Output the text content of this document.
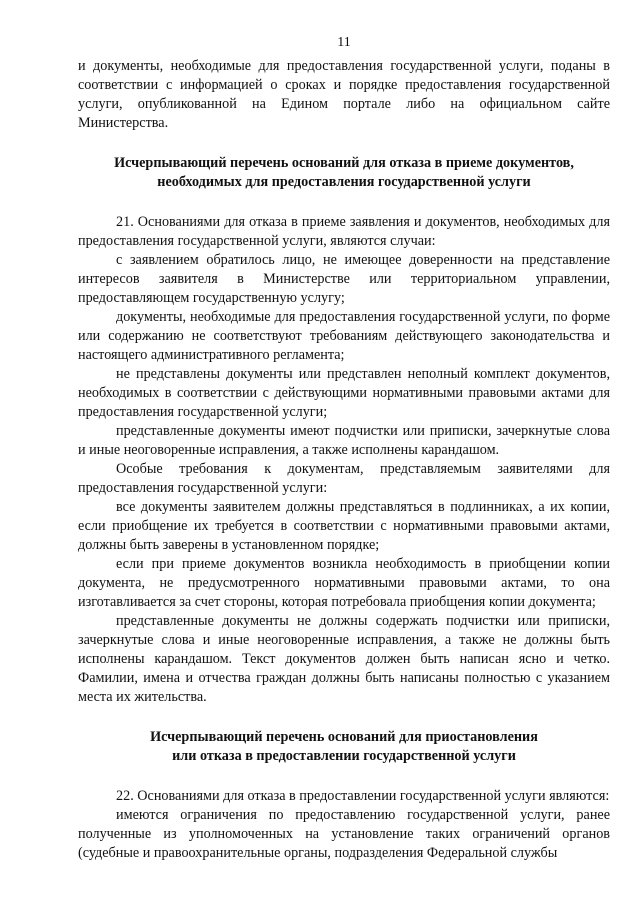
11

и документы, необходимые для предоставления государственной услуги, поданы в соответствии с информацией о сроках и порядке предоставления государственной услуги, опубликованной на Едином портале либо на официальном сайте Министерства.

Исчерпывающий перечень оснований для отказа в приеме документов,
необходимых для предоставления государственной услуги

21. Основаниями для отказа в приеме заявления и документов, необходимых для предоставления государственной услуги, являются случаи:

с заявлением обратилось лицо, не имеющее доверенности на представление интересов заявителя в Министерстве или территориальном управлении, предоставляющем государственную услугу;

документы, необходимые для предоставления государственной услуги, по форме или содержанию не соответствуют требованиям действующего законодательства и настоящего административного регламента;

не представлены документы или представлен неполный комплект документов, необходимых в соответствии с действующими нормативными правовыми актами для предоставления государственной услуги;

представленные документы имеют подчистки или приписки, зачеркнутые слова и иные неоговоренные исправления, а также исполнены карандашом.

Особые требования к документам, представляемым заявителями для предоставления государственной услуги:

все документы заявителем должны представляться в подлинниках, а их копии, если приобщение их требуется в соответствии с нормативными правовыми актами, должны быть заверены в установленном порядке;

если при приеме документов возникла необходимость в приобщении копии документа, не предусмотренного нормативными правовыми актами, то она изготавливается за счет стороны, которая потребовала приобщения копии документа;

представленные документы не должны содержать подчистки или приписки, зачеркнутые слова и иные неоговоренные исправления, а также не должны быть исполнены карандашом. Текст документов должен быть написан ясно и четко. Фамилии, имена и отчества граждан должны быть написаны полностью с указанием места их жительства.

Исчерпывающий перечень оснований для приостановления
или отказа в предоставлении государственной услуги

22. Основаниями для отказа в предоставлении государственной услуги являются:

имеются ограничения по предоставлению государственной услуги, ранее полученные из уполномоченных на установление таких ограничений органов (судебные и правоохранительные органы, подразделения Федеральной службы
